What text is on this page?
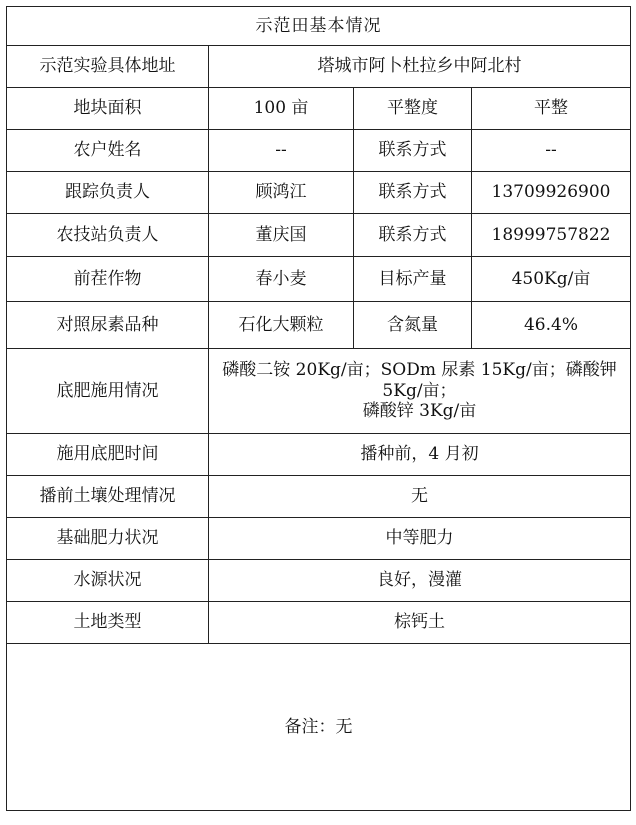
示范田基本情况			
示范实验具体地址	塔城市阿卜杜拉乡中阿北村		
地块面积	100 亩	平整度	平整
农户姓名	--	联系方式	--
跟踪负责人	顾鸿江	联系方式	13709926900
农技站负责人	董庆国	联系方式	18999757822
前茬作物	春小麦	目标产量	450Kg/亩
对照尿素品种	石化大颗粒	含氮量	46.4%
底肥施用情况	磷酸二铵 20Kg/亩；SODm 尿素 15Kg/亩；磷酸钾 5Kg/亩；
磷酸锌 3Kg/亩		
施用底肥时间	播种前，4 月初		
播前土壤处理情况	无		
基础肥力状况	中等肥力		
水源状况	良好，漫灌		
土地类型	棕钙土		
备注：无			
